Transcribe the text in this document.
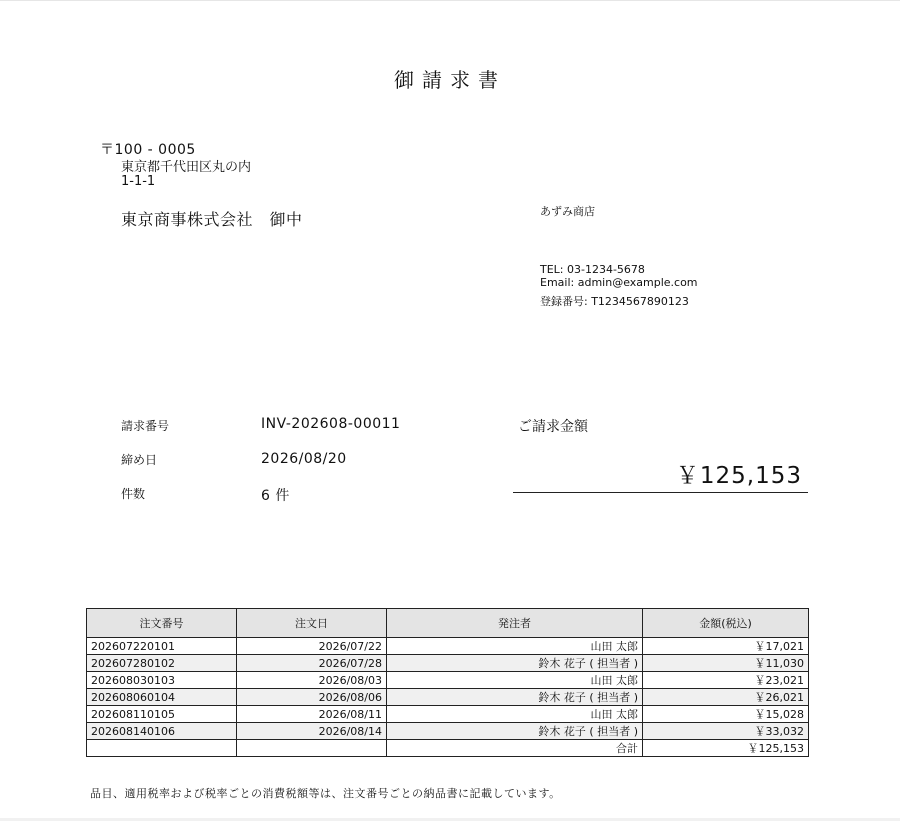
御請求書
〒100 - 0005
東京都千代田区丸の内
1-1-1
東京商事株式会社　御中	あずみ商店
TEL: 03-1234-5678
Email: admin@example.com
登録番号: T1234567890123
請求番号	INV-202608-00011
締め日	2026/08/20
件数	6 件
ご請求金額
￥125,153
注文番号	注文日	発注者	金額(税込)
202607220101	2026/07/22	山田 太郎	￥17,021
202607280102	2026/07/28	鈴木 花子 ( 担当者 )	￥11,030
202608030103	2026/08/03	山田 太郎	￥23,021
202608060104	2026/08/06	鈴木 花子 ( 担当者 )	￥26,021
202608110105	2026/08/11	山田 太郎	￥15,028
202608140106	2026/08/14	鈴木 花子 ( 担当者 )	￥33,032
		合計	￥125,153
品目、適用税率および税率ごとの消費税額等は、注文番号ごとの納品書に記載しています。
